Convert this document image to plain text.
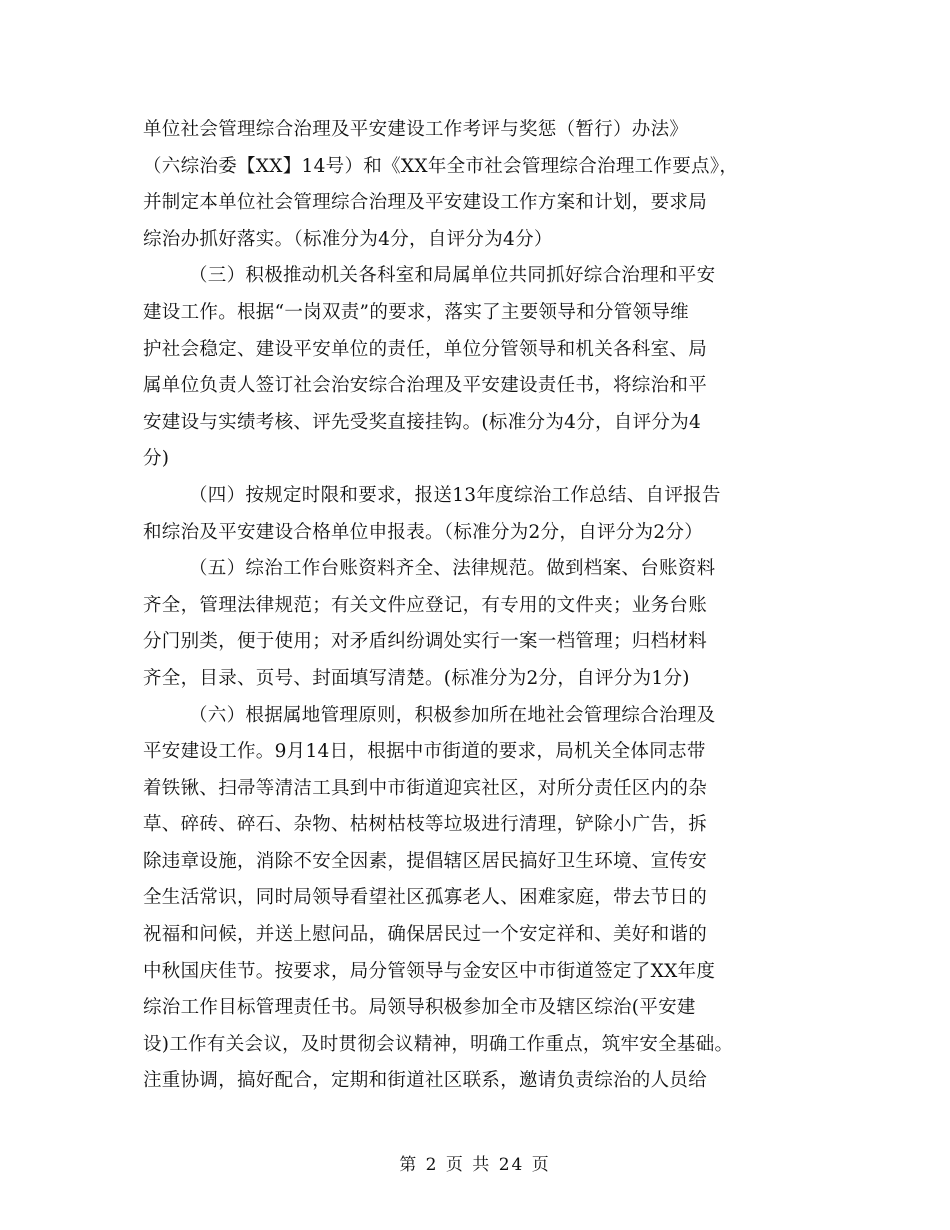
单位社会管理综合治理及平安建设工作考评与奖惩（暂行）办法》
（六综治委【XX】14号）和《XX年全市社会管理综合治理工作要点》，
并制定本单位社会管理综合治理及平安建设工作方案和计划，要求局
综治办抓好落实。（标准分为4分，自评分为4分）
（三）积极推动机关各科室和局属单位共同抓好综合治理和平安
建设工作。根据“一岗双责”的要求，落实了主要领导和分管领导维
护社会稳定、建设平安单位的责任，单位分管领导和机关各科室、局
属单位负责人签订社会治安综合治理及平安建设责任书，将综治和平
安建设与实绩考核、评先受奖直接挂钩。(标准分为4分，自评分为4
分)
（四）按规定时限和要求，报送13年度综治工作总结、自评报告
和综治及平安建设合格单位申报表。（标准分为2分，自评分为2分）
（五）综治工作台账资料齐全、法律规范。做到档案、台账资料
齐全，管理法律规范；有关文件应登记，有专用的文件夹；业务台账
分门别类，便于使用；对矛盾纠纷调处实行一案一档管理；归档材料
齐全，目录、页号、封面填写清楚。(标准分为2分，自评分为1分)
（六）根据属地管理原则，积极参加所在地社会管理综合治理及
平安建设工作。9月14日，根据中市街道的要求，局机关全体同志带
着铁锹、扫帚等清洁工具到中市街道迎宾社区，对所分责任区内的杂
草、碎砖、碎石、杂物、枯树枯枝等垃圾进行清理，铲除小广告，拆
除违章设施，消除不安全因素，提倡辖区居民搞好卫生环境、宣传安
全生活常识，同时局领导看望社区孤寡老人、困难家庭，带去节日的
祝福和问候，并送上慰问品，确保居民过一个安定祥和、美好和谐的
中秋国庆佳节。按要求，局分管领导与金安区中市街道签定了XX年度
综治工作目标管理责任书。局领导积极参加全市及辖区综治(平安建
设)工作有关会议，及时贯彻会议精神，明确工作重点，筑牢安全基础。
注重协调，搞好配合，定期和街道社区联系，邀请负责综治的人员给
第 2 页 共 24 页
